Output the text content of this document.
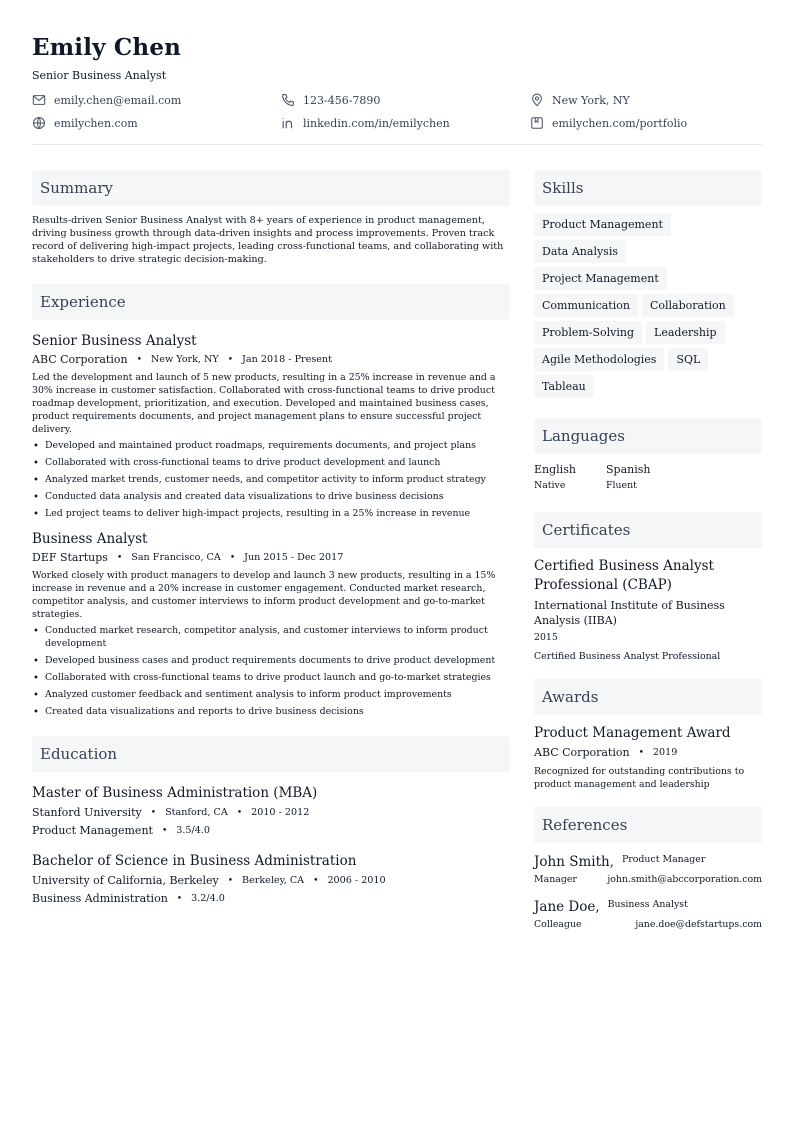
Emily Chen
Senior Business Analyst
emily.chen@email.com	123-456-7890	New York, NY
emilychen.com	linkedin.com/in/emilychen	emilychen.com/portfolio
Summary
Results-driven Senior Business Analyst with 8+ years of experience in product management, driving business growth through data-driven insights and process improvements. Proven track record of delivering high-impact projects, leading cross-functional teams, and collaborating with stakeholders to drive strategic decision-making.
Experience
Senior Business Analyst
ABC Corporation • New York, NY • Jan 2018 - Present
Led the development and launch of 5 new products, resulting in a 25% increase in revenue and a 30% increase in customer satisfaction. Collaborated with cross-functional teams to drive product roadmap development, prioritization, and execution. Developed and maintained business cases, product requirements documents, and project management plans to ensure successful project delivery.
• Developed and maintained product roadmaps, requirements documents, and project plans
• Collaborated with cross-functional teams to drive product development and launch
• Analyzed market trends, customer needs, and competitor activity to inform product strategy
• Conducted data analysis and created data visualizations to drive business decisions
• Led project teams to deliver high-impact projects, resulting in a 25% increase in revenue
Business Analyst
DEF Startups • San Francisco, CA • Jun 2015 - Dec 2017
Worked closely with product managers to develop and launch 3 new products, resulting in a 15% increase in revenue and a 20% increase in customer engagement. Conducted market research, competitor analysis, and customer interviews to inform product development and go-to-market strategies.
• Conducted market research, competitor analysis, and customer interviews to inform product development
• Developed business cases and product requirements documents to drive product development
• Collaborated with cross-functional teams to drive product launch and go-to-market strategies
• Analyzed customer feedback and sentiment analysis to inform product improvements
• Created data visualizations and reports to drive business decisions
Education
Master of Business Administration (MBA)
Stanford University • Stanford, CA • 2010 - 2012
Product Management • 3.5/4.0
Bachelor of Science in Business Administration
University of California, Berkeley • Berkeley, CA • 2006 - 2010
Business Administration • 3.2/4.0
Skills
Product Management
Data Analysis
Project Management
Communication	Collaboration
Problem-Solving	Leadership
Agile Methodologies	SQL
Tableau
Languages
English
Native
Spanish
Fluent
Certificates
Certified Business Analyst Professional (CBAP)
International Institute of Business Analysis (IIBA)
2015
Certified Business Analyst Professional
Awards
Product Management Award
ABC Corporation • 2019
Recognized for outstanding contributions to product management and leadership
References
John Smith, Product Manager
Manager	john.smith@abccorporation.com
Jane Doe, Business Analyst
Colleague	jane.doe@defstartups.com
